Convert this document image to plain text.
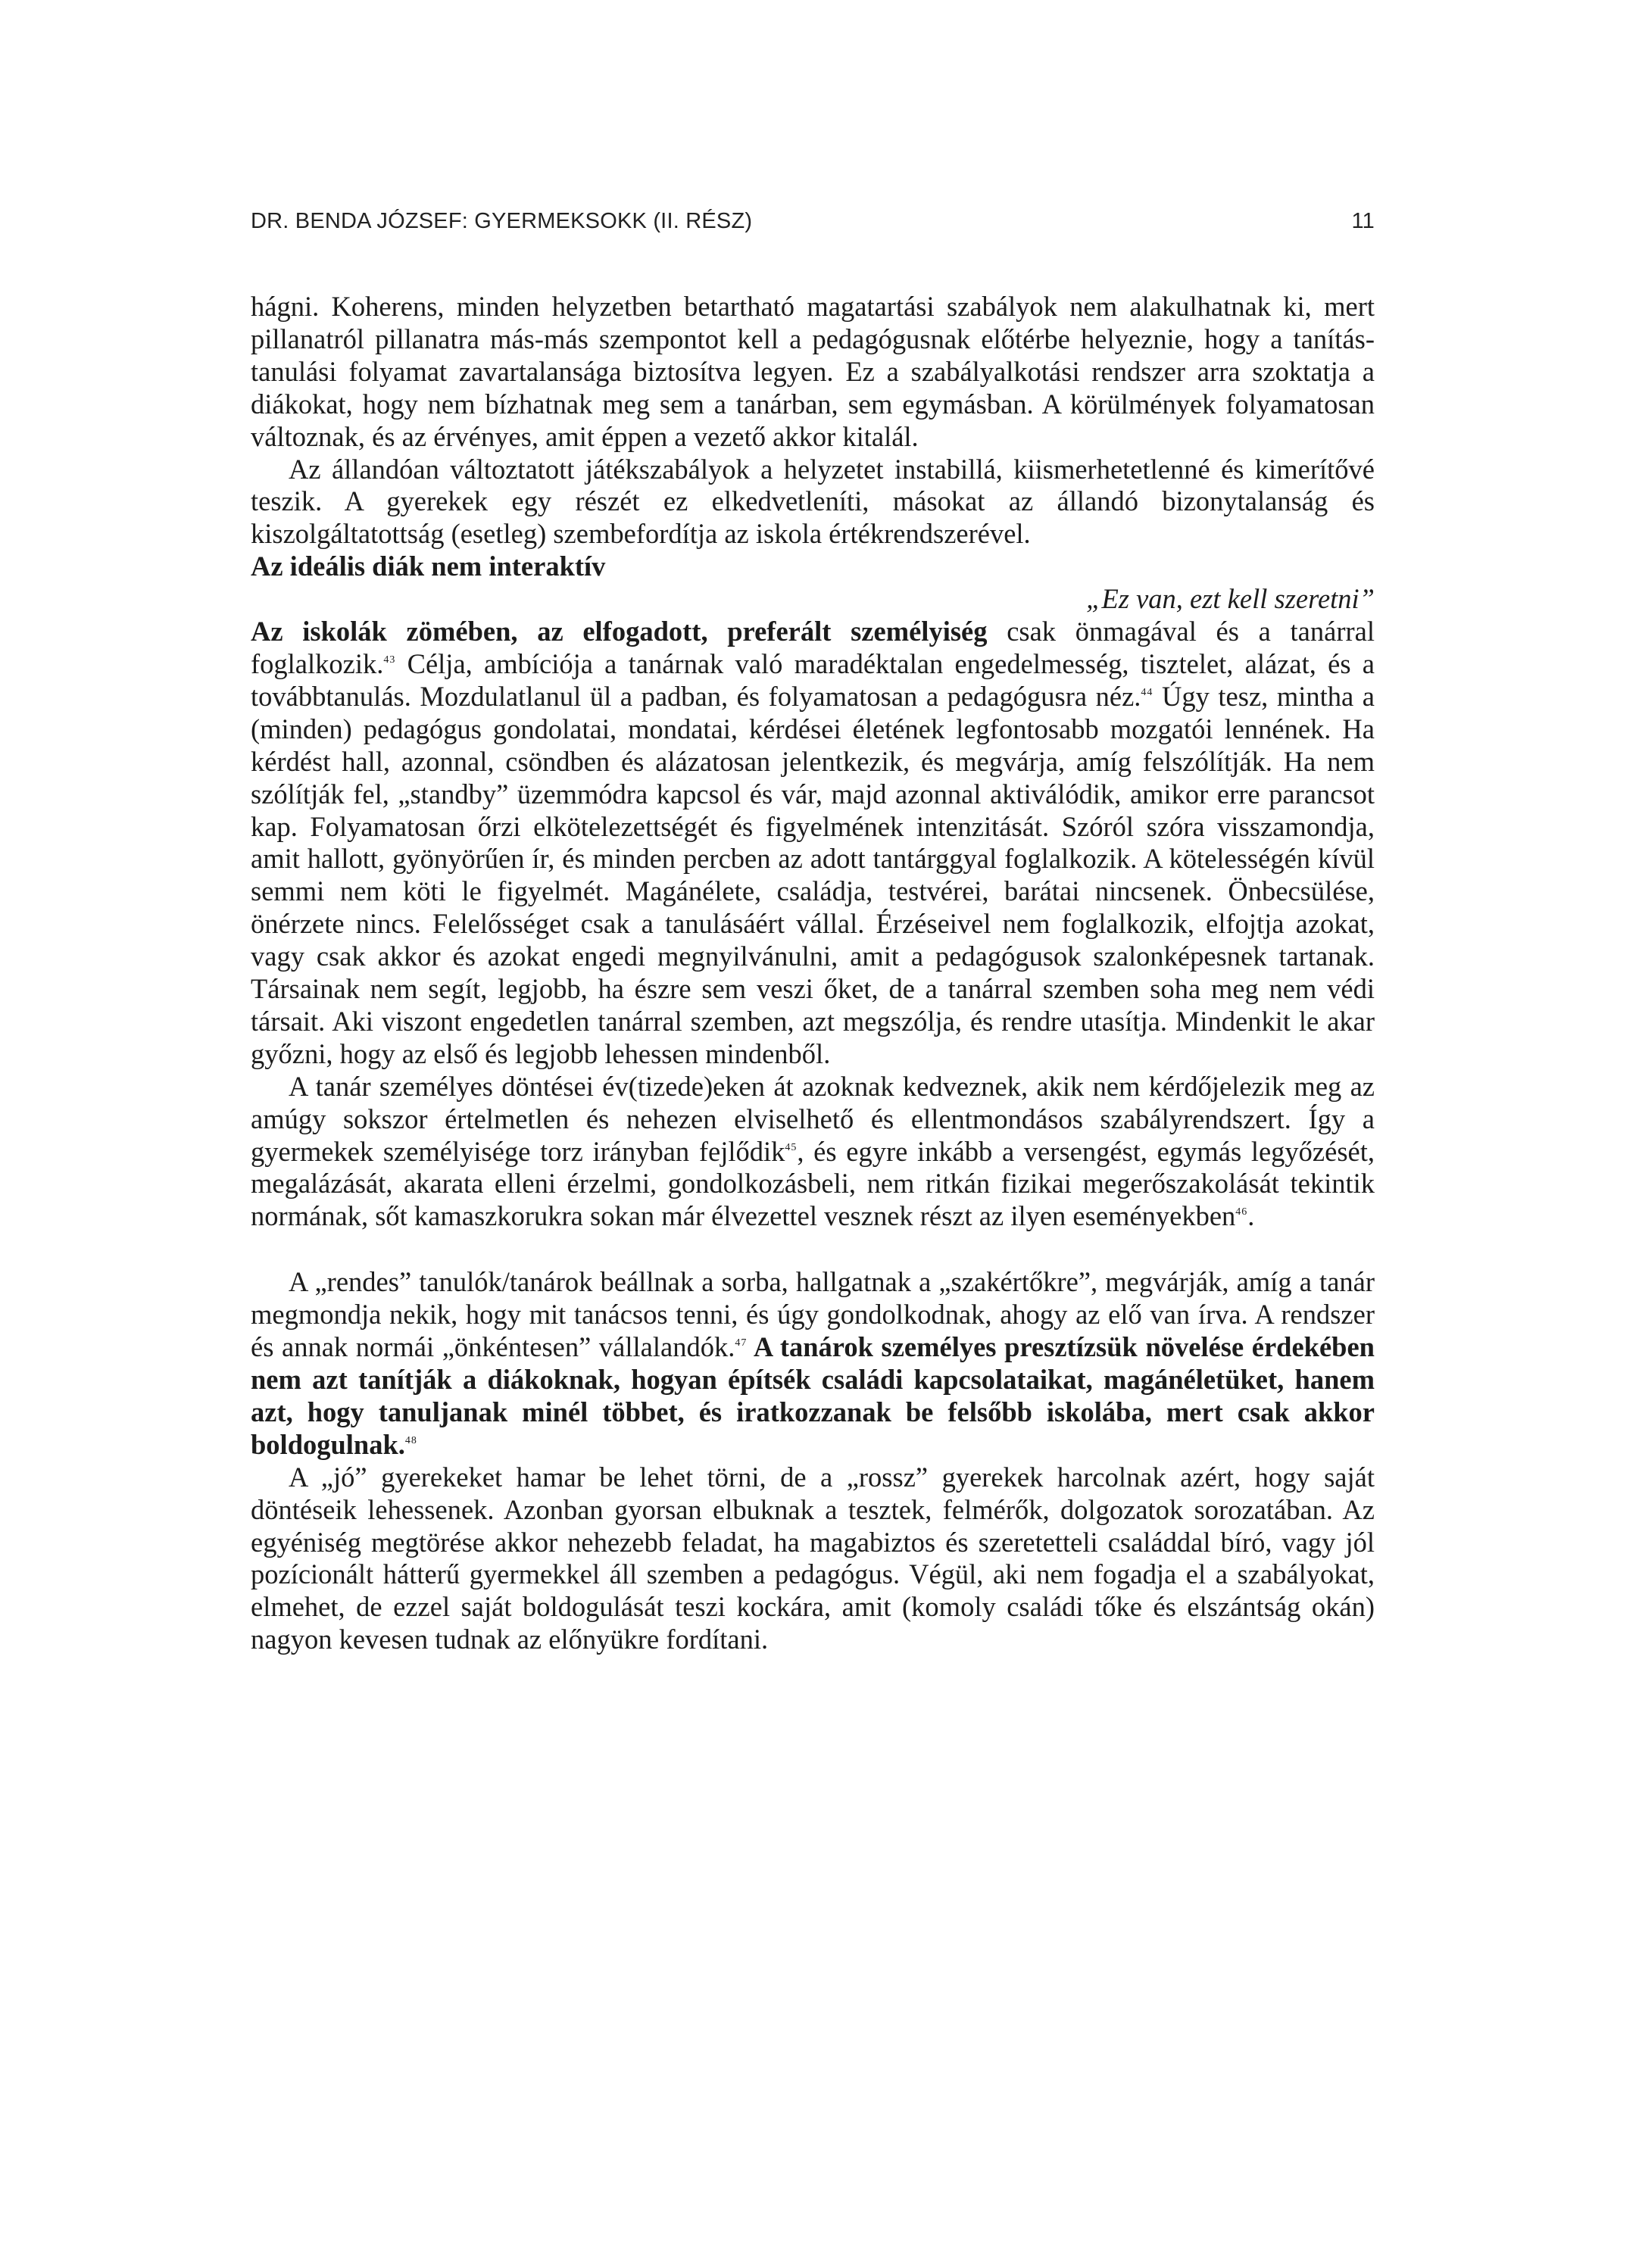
DR. BENDA JÓZSEF: GYERMEKSOKK (II. RÉSZ)	11

hágni. Koherens, minden helyzetben betartható magatartási szabályok nem alakulhatnak ki, mert pillanatról pillanatra más-más szempontot kell a pedagógusnak előtérbe helyeznie, hogy a tanítás-tanulási folyamat zavartalansága biztosítva legyen. Ez a szabályalkotási rendszer arra szoktatja a diákokat, hogy nem bízhatnak meg sem a tanárban, sem egymásban. A körülmények folyamatosan változnak, és az érvényes, amit éppen a vezető akkor kitalál.

Az állandóan változtatott játékszabályok a helyzetet instabillá, kiismerhetetlenné és kimerítővé teszik. A gyerekek egy részét ez elkedvetleníti, másokat az állandó bizonytalanság és kiszolgáltatottság (esetleg) szembefordítja az iskola értékrendszerével.

Az ideális diák nem interaktív

„Ez van, ezt kell szeretni”

Az iskolák zömében, az elfogadott, preferált személyiség csak önmagával és a tanárral foglalkozik.$^{43}$ Célja, ambíciója a tanárnak való maradéktalan engedelmesség, tisztelet, alázat, és a továbbtanulás. Mozdulatlanul ül a padban, és folyamatosan a pedagógusra néz.$^{44}$ Úgy tesz, mintha a (minden) pedagógus gondolatai, mondatai, kérdései életének legfontosabb mozgatói lennének. Ha kérdést hall, azonnal, csöndben és alázatosan jelentkezik, és megvárja, amíg felszólítják. Ha nem szólítják fel, „standby” üzemmódra kapcsol és vár, majd azonnal aktiválódik, amikor erre parancsot kap. Folyamatosan őrzi elkötelezettségét és figyelmének intenzitását. Szóról szóra visszamondja, amit hallott, gyönyörűen ír, és minden percben az adott tantárggyal foglalkozik. A kötelességén kívül semmi nem köti le figyelmét. Magánélete, családja, testvérei, barátai nincsenek. Önbecsülése, önérzete nincs. Felelősséget csak a tanulásáért vállal. Érzéseivel nem foglalkozik, elfojtja azokat, vagy csak akkor és azokat engedi megnyilvánulni, amit a pedagógusok szalonképesnek tartanak. Társainak nem segít, legjobb, ha észre sem veszi őket, de a tanárral szemben soha meg nem védi társait. Aki viszont engedetlen tanárral szemben, azt megszólja, és rendre utasítja. Mindenkit le akar győzni, hogy az első és legjobb lehessen mindenből.

A tanár személyes döntései év(tizede)eken át azoknak kedveznek, akik nem kérdőjelezik meg az amúgy sokszor értelmetlen és nehezen elviselhető és ellentmondásos szabályrendszert. Így a gyermekek személyisége torz irányban fejlődik$^{45}$, és egyre inkább a versengést, egymás legyőzését, megalázását, akarata elleni érzelmi, gondolkozásbeli, nem ritkán fizikai megerőszakolását tekintik normának, sőt kamaszkorukra sokan már élvezettel vesznek részt az ilyen eseményekben$^{46}$.

A „rendes” tanulók/tanárok beállnak a sorba, hallgatnak a „szakértőkre”, megvárják, amíg a tanár megmondja nekik, hogy mit tanácsos tenni, és úgy gondolkodnak, ahogy az elő van írva. A rendszer és annak normái „önkéntesen” vállalandók.$^{47}$ A tanárok személyes presztízsük növelése érdekében nem azt tanítják a diákoknak, hogyan építsék családi kapcsolataikat, magánéletüket, hanem azt, hogy tanuljanak minél többet, és iratkozzanak be felsőbb iskolába, mert csak akkor boldogulnak.$^{48}$

A „jó” gyerekeket hamar be lehet törni, de a „rossz” gyerekek harcolnak azért, hogy saját döntéseik lehessenek. Azonban gyorsan elbuknak a tesztek, felmérők, dolgozatok sorozatában. Az egyéniség megtörése akkor nehezebb feladat, ha magabiztos és szeretetteli családdal bíró, vagy jól pozícionált hátterű gyermekkel áll szemben a pedagógus. Végül, aki nem fogadja el a szabályokat, elmehet, de ezzel saját boldogulását teszi kockára, amit (komoly családi tőke és elszántság okán) nagyon kevesen tudnak az előnyükre fordítani.
